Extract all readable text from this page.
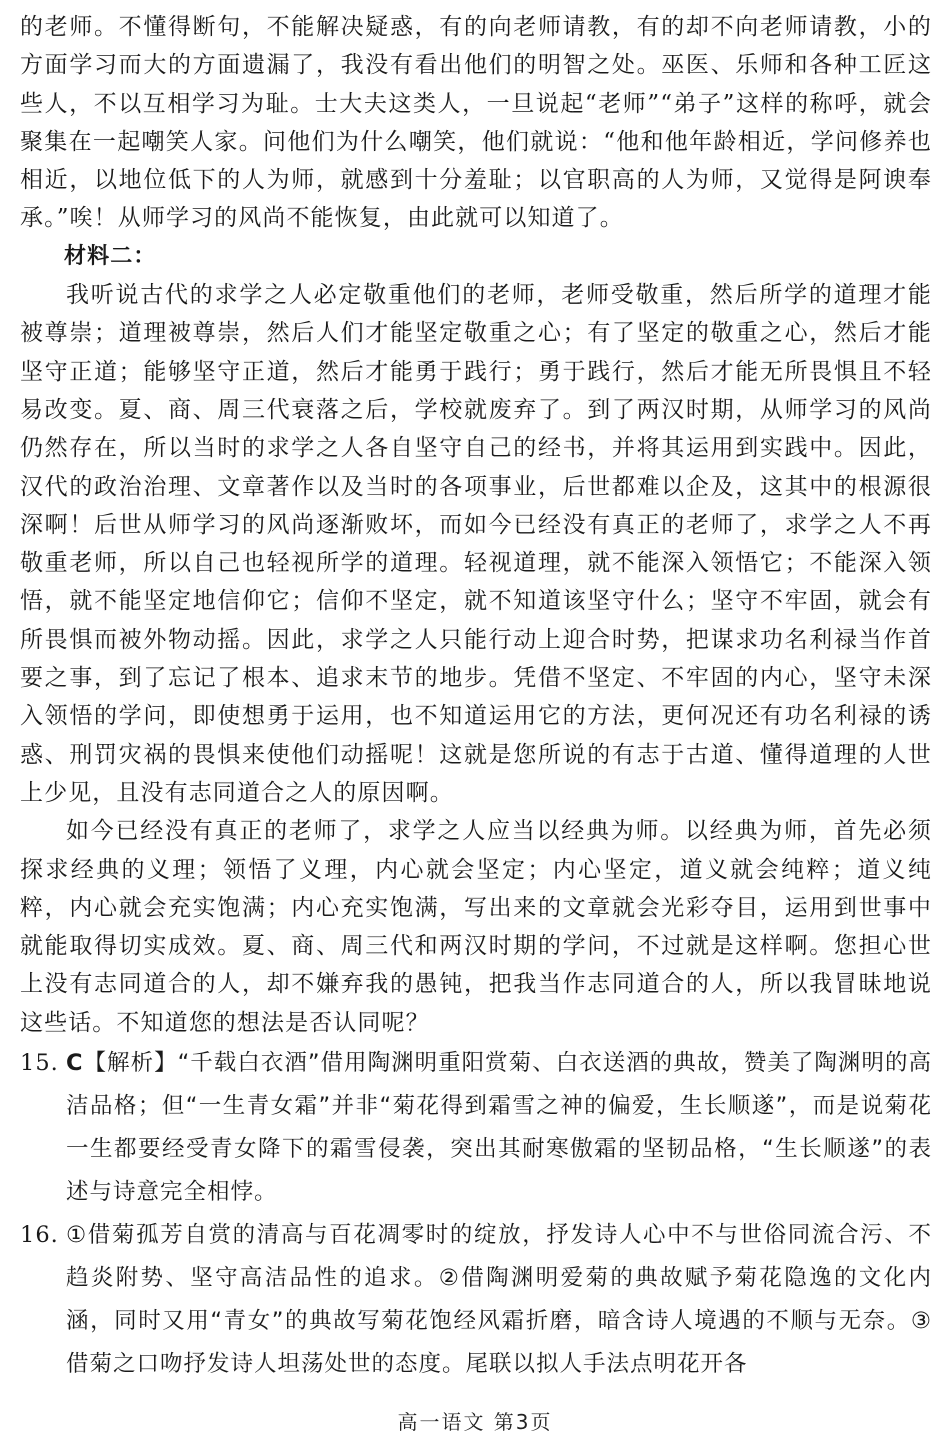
的老师。不懂得断句，不能解决疑惑，有的向老师请教，有的却不向老师请教，小的方面学习而大的方面遗漏了，我没有看出他们的明智之处。巫医、乐师和各种工匠这些人，不以互相学习为耻。士大夫这类人，一旦说起“老师”“弟子”这样的称呼，就会聚集在一起嘲笑人家。问他们为什么嘲笑，他们就说：“他和他年龄相近，学问修养也相近，以地位低下的人为师，就感到十分羞耻；以官职高的人为师，又觉得是阿谀奉承。”唉！从师学习的风尚不能恢复，由此就可以知道了。

材料二：

我听说古代的求学之人必定敬重他们的老师，老师受敬重，然后所学的道理才能被尊崇；道理被尊崇，然后人们才能坚定敬重之心；有了坚定的敬重之心，然后才能坚守正道；能够坚守正道，然后才能勇于践行；勇于践行，然后才能无所畏惧且不轻易改变。夏、商、周三代衰落之后，学校就废弃了。到了两汉时期，从师学习的风尚仍然存在，所以当时的求学之人各自坚守自己的经书，并将其运用到实践中。因此，汉代的政治治理、文章著作以及当时的各项事业，后世都难以企及，这其中的根源很深啊！后世从师学习的风尚逐渐败坏，而如今已经没有真正的老师了，求学之人不再敬重老师，所以自己也轻视所学的道理。轻视道理，就不能深入领悟它；不能深入领悟，就不能坚定地信仰它；信仰不坚定，就不知道该坚守什么；坚守不牢固，就会有所畏惧而被外物动摇。因此，求学之人只能行动上迎合时势，把谋求功名利禄当作首要之事，到了忘记了根本、追求末节的地步。凭借不坚定、不牢固的内心，坚守未深入领悟的学问，即使想勇于运用，也不知道运用它的方法，更何况还有功名利禄的诱惑、刑罚灾祸的畏惧来使他们动摇呢！这就是您所说的有志于古道、懂得道理的人世上少见，且没有志同道合之人的原因啊。

如今已经没有真正的老师了，求学之人应当以经典为师。以经典为师，首先必须探求经典的义理；领悟了义理，内心就会坚定；内心坚定，道义就会纯粹；道义纯粹，内心就会充实饱满；内心充实饱满，写出来的文章就会光彩夺目，运用到世事中就能取得切实成效。夏、商、周三代和两汉时期的学问，不过就是这样啊。您担心世上没有志同道合的人，却不嫌弃我的愚钝，把我当作志同道合的人，所以我冒昧地说这些话。不知道您的想法是否认同呢？

15. C【解析】“千载白衣酒”借用陶渊明重阳赏菊、白衣送酒的典故，赞美了陶渊明的高洁品格；但“一生青女霜”并非“菊花得到霜雪之神的偏爱，生长顺遂”，而是说菊花一生都要经受青女降下的霜雪侵袭，突出其耐寒傲霜的坚韧品格，“生长顺遂”的表述与诗意完全相悖。
16. ①借菊孤芳自赏的清高与百花凋零时的绽放，抒发诗人心中不与世俗同流合污、不趋炎附势、坚守高洁品性的追求。②借陶渊明爱菊的典故赋予菊花隐逸的文化内涵，同时又用“青女”的典故写菊花饱经风霜折磨，暗含诗人境遇的不顺与无奈。③借菊之口吻抒发诗人坦荡处世的态度。尾联以拟人手法点明花开各
高一语文 第3页
